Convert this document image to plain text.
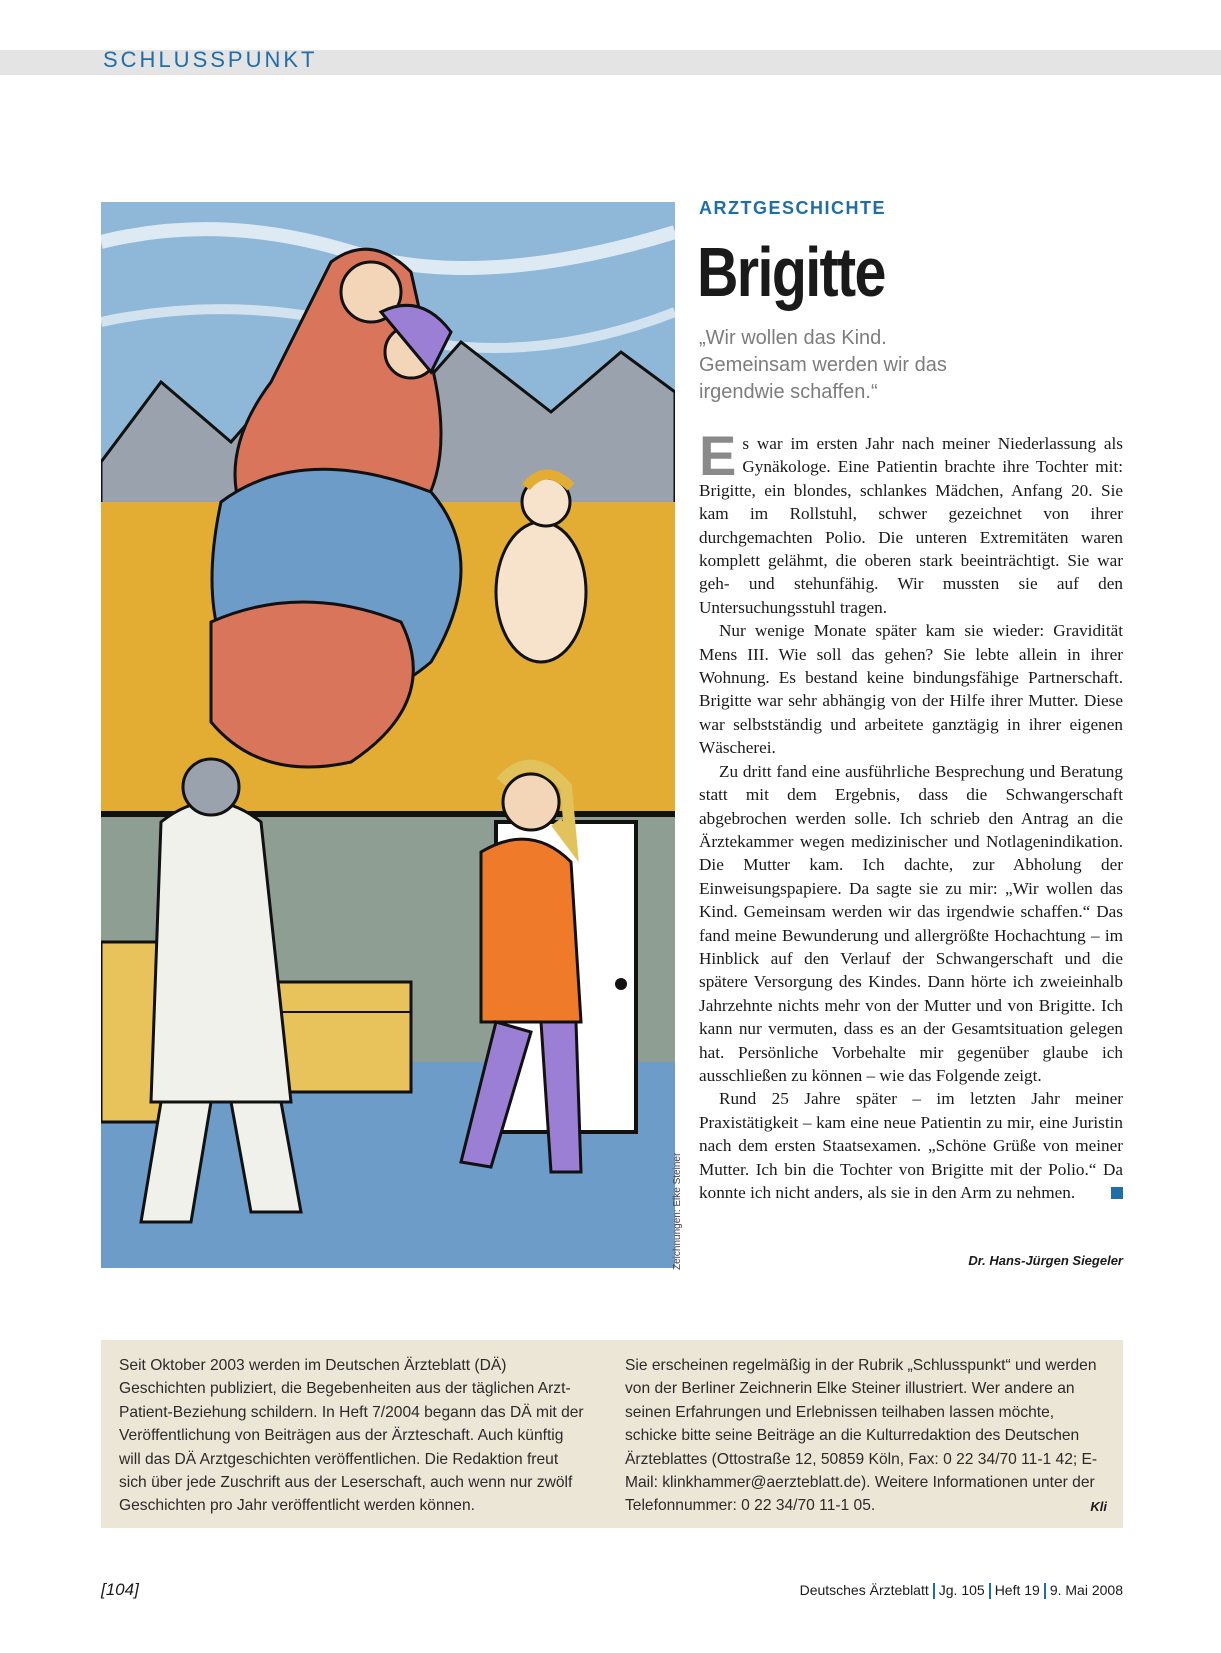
SCHLUSSPUNKT
Zeichnungen: Elke Steiner
ARZTGESCHICHTE
Brigitte
„Wir wollen das Kind. Gemeinsam werden wir das irgendwie schaffen.“

Es war im ersten Jahr nach meiner Niederlassung als Gynäkologe. Eine Patientin brachte ihre Tochter mit: Brigitte, ein blondes, schlankes Mädchen, Anfang 20. Sie kam im Rollstuhl, schwer gezeichnet von ihrer durchgemachten Polio. Die unteren Extremitäten waren komplett gelähmt, die oberen stark beeinträchtigt. Sie war geh- und stehunfähig. Wir mussten sie auf den Untersuchungsstuhl tragen.

Nur wenige Monate später kam sie wieder: Gravidität Mens III. Wie soll das gehen? Sie lebte allein in ihrer Wohnung. Es bestand keine bindungsfähige Partnerschaft. Brigitte war sehr abhängig von der Hilfe ihrer Mutter. Diese war selbstständig und arbeitete ganztägig in ihrer eigenen Wäscherei.

Zu dritt fand eine ausführliche Besprechung und Beratung statt mit dem Ergebnis, dass die Schwangerschaft abgebrochen werden solle. Ich schrieb den Antrag an die Ärztekammer wegen medizinischer und Notlagenindikation. Die Mutter kam. Ich dachte, zur Abholung der Einweisungspapiere. Da sagte sie zu mir: „Wir wollen das Kind. Gemeinsam werden wir das irgendwie schaffen.“ Das fand meine Bewunderung und allergrößte Hochachtung – im Hinblick auf den Verlauf der Schwangerschaft und die spätere Versorgung des Kindes. Dann hörte ich zweieinhalb Jahrzehnte nichts mehr von der Mutter und von Brigitte. Ich kann nur vermuten, dass es an der Gesamtsituation gelegen hat. Persönliche Vorbehalte mir gegenüber glaube ich ausschließen zu können – wie das Folgende zeigt.

Rund 25 Jahre später – im letzten Jahr meiner Praxistätigkeit – kam eine neue Patientin zu mir, eine Juristin nach dem ersten Staatsexamen. „Schöne Grüße von meiner Mutter. Ich bin die Tochter von Brigitte mit der Polio.“ Da konnte ich nicht anders, als sie in den Arm zu nehmen.

Dr. Hans-Jürgen Siegeler
Seit Oktober 2003 werden im Deutschen Ärzteblatt (DÄ) Geschichten publiziert, die Begebenheiten aus der täglichen Arzt-Patient-Beziehung schildern. In Heft 7/2004 begann das DÄ mit der Veröffentlichung von Beiträgen aus der Ärzteschaft. Auch künftig will das DÄ Arztgeschichten veröffentlichen. Die Redaktion freut sich über jede Zuschrift aus der Leserschaft, auch wenn nur zwölf Geschichten pro Jahr veröffentlicht werden können.
Sie erscheinen regelmäßig in der Rubrik „Schlusspunkt“ und werden von der Berliner Zeichnerin Elke Steiner illustriert. Wer andere an seinen Erfahrungen und Erlebnissen teilhaben lassen möchte, schicke bitte seine Beiträge an die Kulturredaktion des Deutschen Ärzteblattes (Ottostraße 12, 50859 Köln, Fax: 0 22 34/70 11-1 42; E-Mail: klinkhammer@aerzteblatt.de). Weitere Informationen unter der Telefonnummer: 0 22 34/70 11-1 05.	Kli
[104]	Deutsches Ärzteblatt Jg. 105 Heft 19 9. Mai 2008
